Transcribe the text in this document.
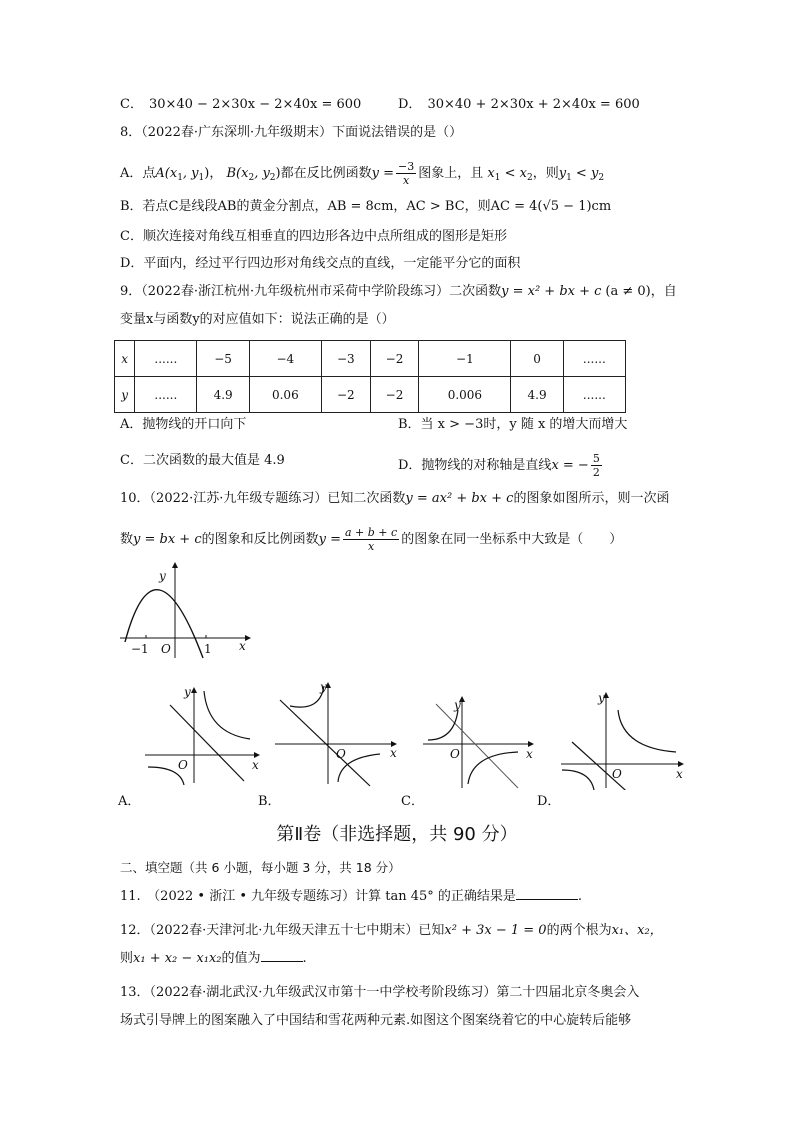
C． 30×40 − 2×30x − 2×40x = 600	D． 30×40 + 2×30x + 2×40x = 600
8．（2022春·广东深圳·九年级期末）下面说法错误的是（）
A．点$A(x_1$, $y_1$)， $B(x_2$, $y_2$)都在反比例函数$y = \frac{-3}{x}$ 图象上，且 $x_1 < x_2$，则$y_1 < y_2$
B．若点C是线段AB的黄金分割点，AB = 8cm，AC > BC，则AC = 4(√5 − 1)cm
C．顺次连接对角线互相垂直的四边形各边中点所组成的图形是矩形
D．平面内，经过平行四边形对角线交点的直线，一定能平分它的面积
9．（2022春·浙江杭州·九年级杭州市采荷中学阶段练习）二次函数y = x² + bx + c (a ≠ 0)，自
变量x与函数y的对应值如下：说法正确的是（）
x	......	−5	−4	−3	−2	−1	0	......
y	......	4.9	0.06	−2	−2	0.006	4.9	......
A．抛物线的开口向下	B．当 x > −3时，y 随 x 的增大而增大
C．二次函数的最大值是 4.9	D．抛物线的对称轴是直线x = − $\frac{5}{2}$
10．（2022·江苏·九年级专题练习）已知二次函数y = ax² + bx + c的图象如图所示，则一次函
数y = bx + c的图象和反比例函数$y = \frac{a + b + c}{x}$ 的图象在同一坐标系中大致是（　　）
y
x
O
−1	1
y
x
O
A．
y
x
O
B．
y
x
O
C．
y
x
O
D．
第Ⅱ卷（非选择题，共 90 分）
二、填空题（共 6 小题，每小题 3 分，共 18 分）
11.　（2022 • 浙江 • 九年级专题练习）计算 tan 45° 的正确结果是	.
12．（2022春·天津河北·九年级天津五十七中期末）已知x² + 3x − 1 = 0的两个根为x₁、x₂，
则x₁ + x₂ − x₁x₂的值为	.
13．（2022春·湖北武汉·九年级武汉市第十一中学校考阶段练习）第二十四届北京冬奥会入
场式引导牌上的图案融入了中国结和雪花两种元素.如图这个图案绕着它的中心旋转后能够
